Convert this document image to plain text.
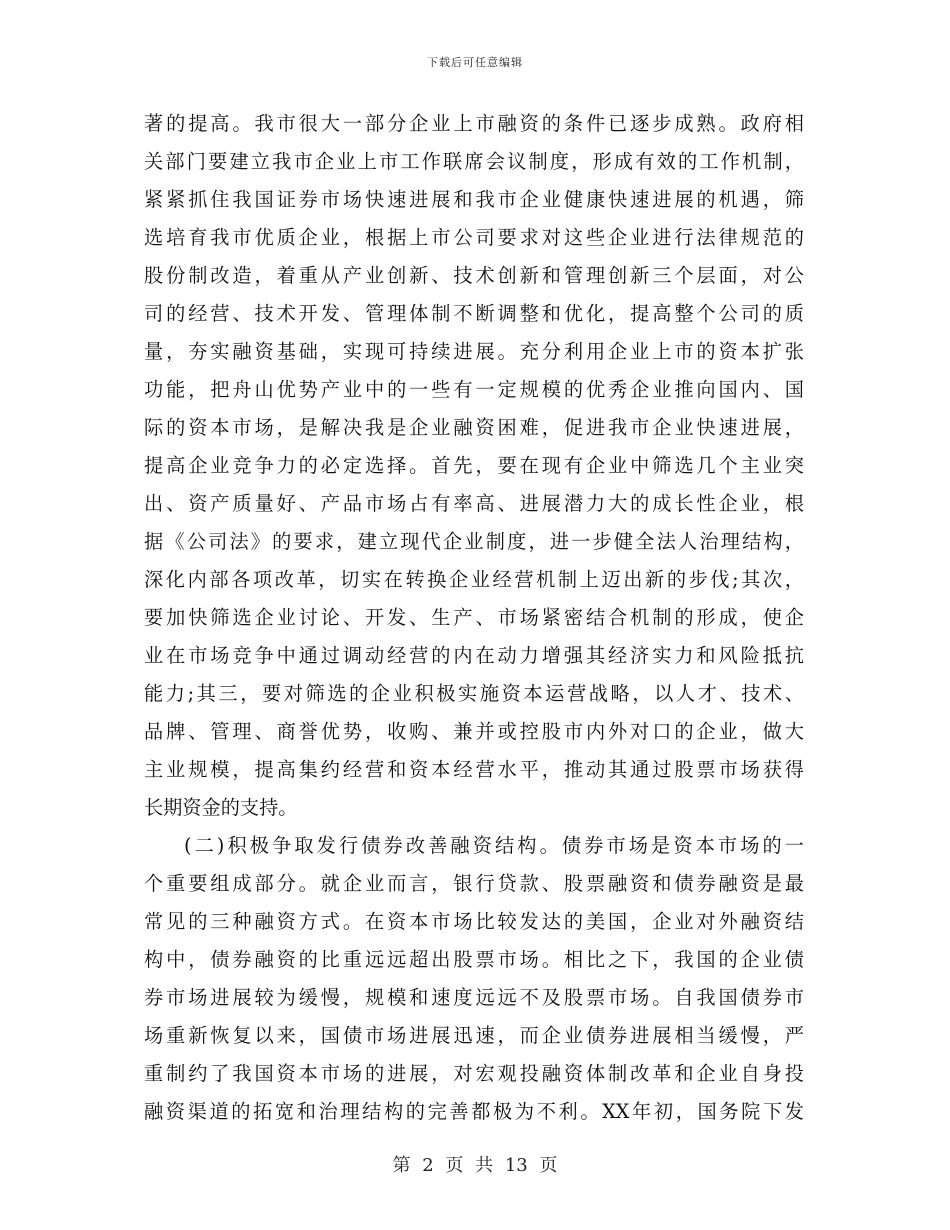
下载后可任意编辑
著的提高。我市很大一部分企业上市融资的条件已逐步成熟。政府相
关部门要建立我市企业上市工作联席会议制度，形成有效的工作机制，
紧紧抓住我国证券市场快速进展和我市企业健康快速进展的机遇，筛
选培育我市优质企业，根据上市公司要求对这些企业进行法律规范的
股份制改造，着重从产业创新、技术创新和管理创新三个层面，对公
司的经营、技术开发、管理体制不断调整和优化，提高整个公司的质
量，夯实融资基础，实现可持续进展。充分利用企业上市的资本扩张
功能，把舟山优势产业中的一些有一定规模的优秀企业推向国内、国
际的资本市场，是解决我是企业融资困难，促进我市企业快速进展，
提高企业竞争力的必定选择。首先，要在现有企业中筛选几个主业突
出、资产质量好、产品市场占有率高、进展潜力大的成长性企业，根
据《公司法》的要求，建立现代企业制度，进一步健全法人治理结构，
深化内部各项改革，切实在转换企业经营机制上迈出新的步伐;其次，
要加快筛选企业讨论、开发、生产、市场紧密结合机制的形成，使企
业在市场竞争中通过调动经营的内在动力增强其经济实力和风险抵抗
能力;其三，要对筛选的企业积极实施资本运营战略，以人才、技术、
品牌、管理、商誉优势，收购、兼并或控股市内外对口的企业，做大
主业规模，提高集约经营和资本经营水平，推动其通过股票市场获得
长期资金的支持。
(二)积极争取发行债券改善融资结构。债券市场是资本市场的一
个重要组成部分。就企业而言，银行贷款、股票融资和债券融资是最
常见的三种融资方式。在资本市场比较发达的美国，企业对外融资结
构中，债券融资的比重远远超出股票市场。相比之下，我国的企业债
券市场进展较为缓慢，规模和速度远远不及股票市场。自我国债券市
场重新恢复以来，国债市场进展迅速，而企业债券进展相当缓慢，严
重制约了我国资本市场的进展，对宏观投融资体制改革和企业自身投
融资渠道的拓宽和治理结构的完善都极为不利。XX年初，国务院下发
第 2 页 共 13 页
